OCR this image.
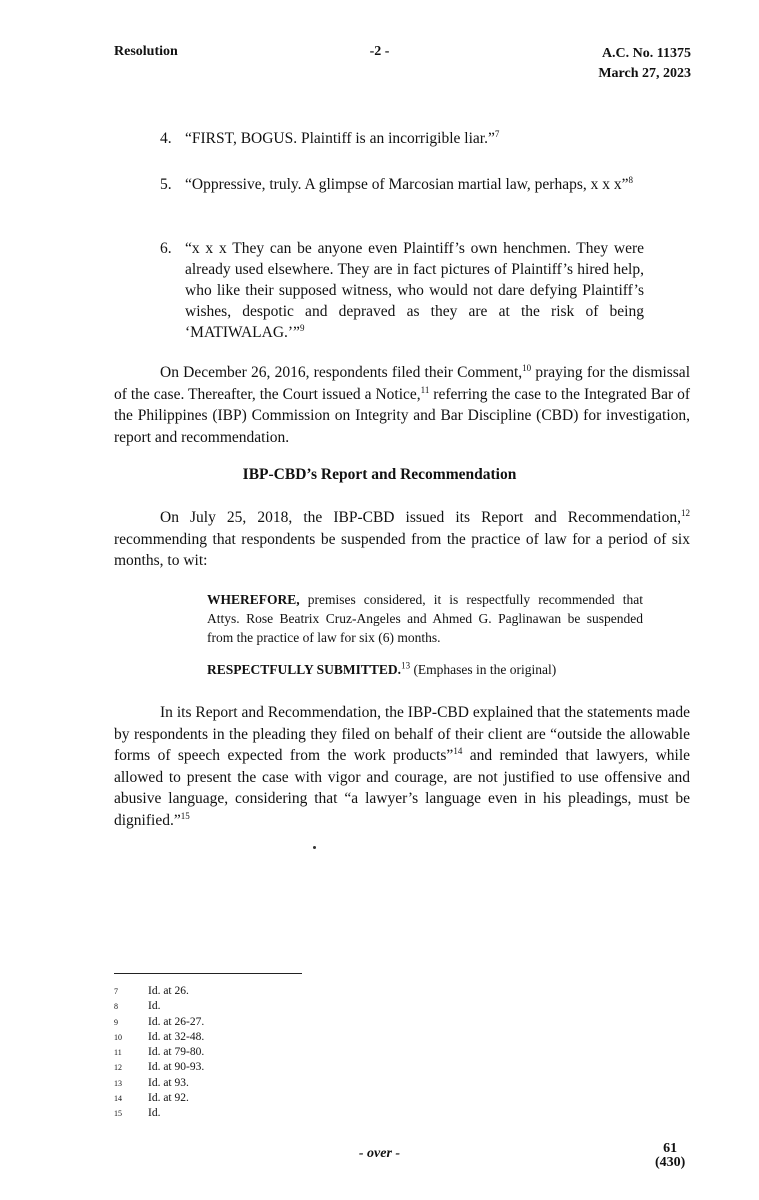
Resolution	-2 -	A.C. No. 11375
March 27, 2023
4. “FIRST, BOGUS. Plaintiff is an incorrigible liar.”$^7$
5. “Oppressive, truly. A glimpse of Marcosian martial law, perhaps, x x x”$^8$
6. “x x x They can be anyone even Plaintiff’s own henchmen. They were already used elsewhere. They are in fact pictures of Plaintiff’s hired help, who like their supposed witness, who would not dare defying Plaintiff’s wishes, despotic and depraved as they are at the risk of being ‘MATIWALAG.’”$^9$
On December 26, 2016, respondents filed their Comment,$^{10}$ praying for the dismissal of the case. Thereafter, the Court issued a Notice,$^{11}$ referring the case to the Integrated Bar of the Philippines (IBP) Commission on Integrity and Bar Discipline (CBD) for investigation, report and recommendation.
IBP-CBD’s Report and Recommendation
On July 25, 2018, the IBP-CBD issued its Report and Recommendation,$^{12}$ recommending that respondents be suspended from the practice of law for a period of six months, to wit:
WHEREFORE, premises considered, it is respectfully recommended that Attys. Rose Beatrix Cruz-Angeles and Ahmed G. Paglinawan be suspended from the practice of law for six (6) months.
RESPECTFULLY SUBMITTED.$^{13}$ (Emphases in the original)
In its Report and Recommendation, the IBP-CBD explained that the statements made by respondents in the pleading they filed on behalf of their client are “outside the allowable forms of speech expected from the work products”$^{14}$ and reminded that lawyers, while allowed to present the case with vigor and courage, are not justified to use offensive and abusive language, considering that “a lawyer’s language even in his pleadings, must be dignified.”$^{15}$
7	Id. at 26.
8	Id.
9	Id. at 26-27.
10	Id. at 32-48.
11	Id. at 79-80.
12	Id. at 90-93.
13	Id. at 93.
14	Id. at 92.
15	Id.
- over -	61
(430)
